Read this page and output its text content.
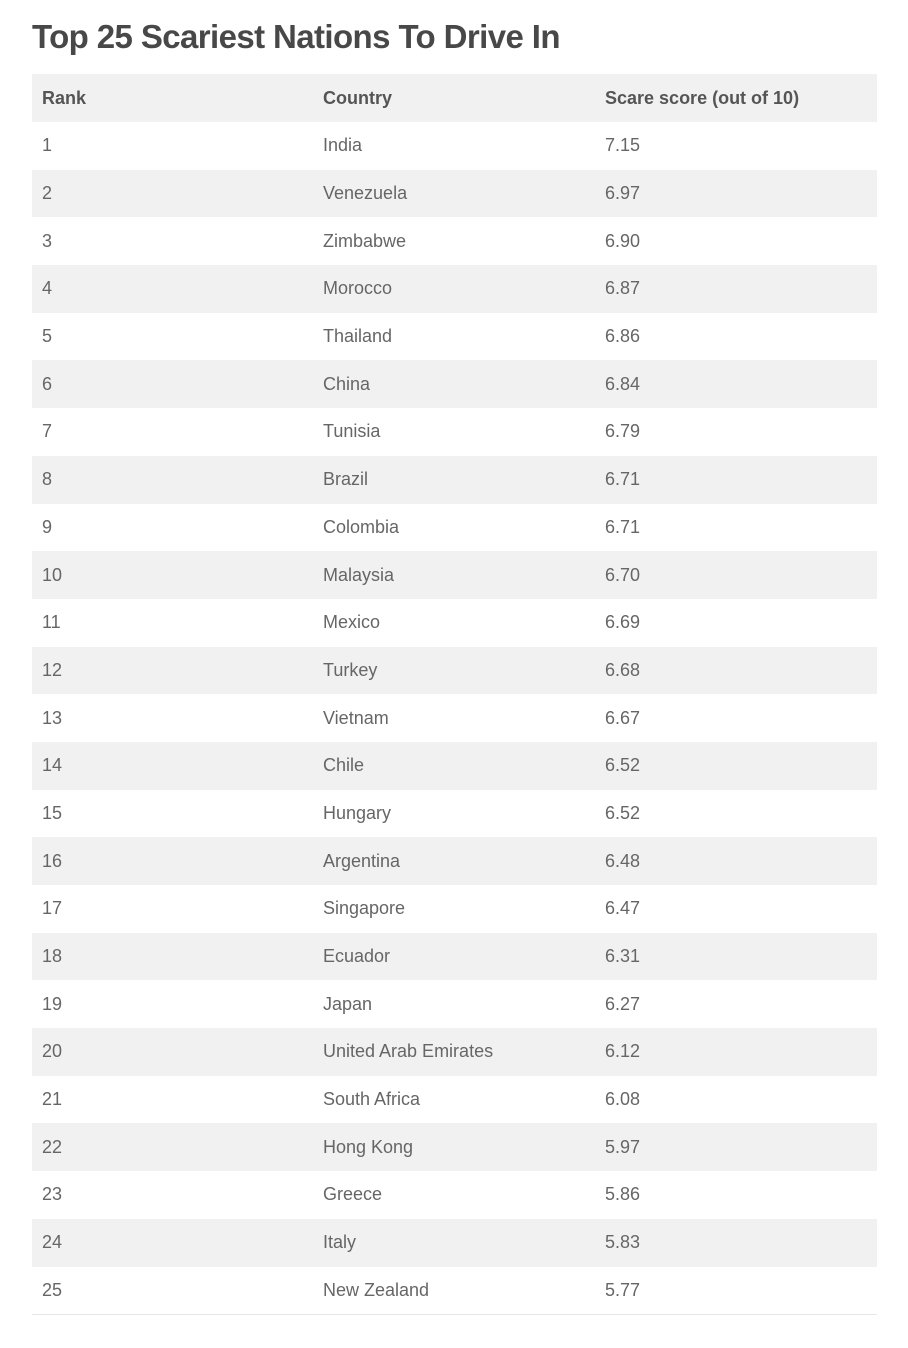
Top 25 Scariest Nations To Drive In
Rank	Country	Scare score (out of 10)
1	India	7.15
2	Venezuela	6.97
3	Zimbabwe	6.90
4	Morocco	6.87
5	Thailand	6.86
6	China	6.84
7	Tunisia	6.79
8	Brazil	6.71
9	Colombia	6.71
10	Malaysia	6.70
11	Mexico	6.69
12	Turkey	6.68
13	Vietnam	6.67
14	Chile	6.52
15	Hungary	6.52
16	Argentina	6.48
17	Singapore	6.47
18	Ecuador	6.31
19	Japan	6.27
20	United Arab Emirates	6.12
21	South Africa	6.08
22	Hong Kong	5.97
23	Greece	5.86
24	Italy	5.83
25	New Zealand	5.77
